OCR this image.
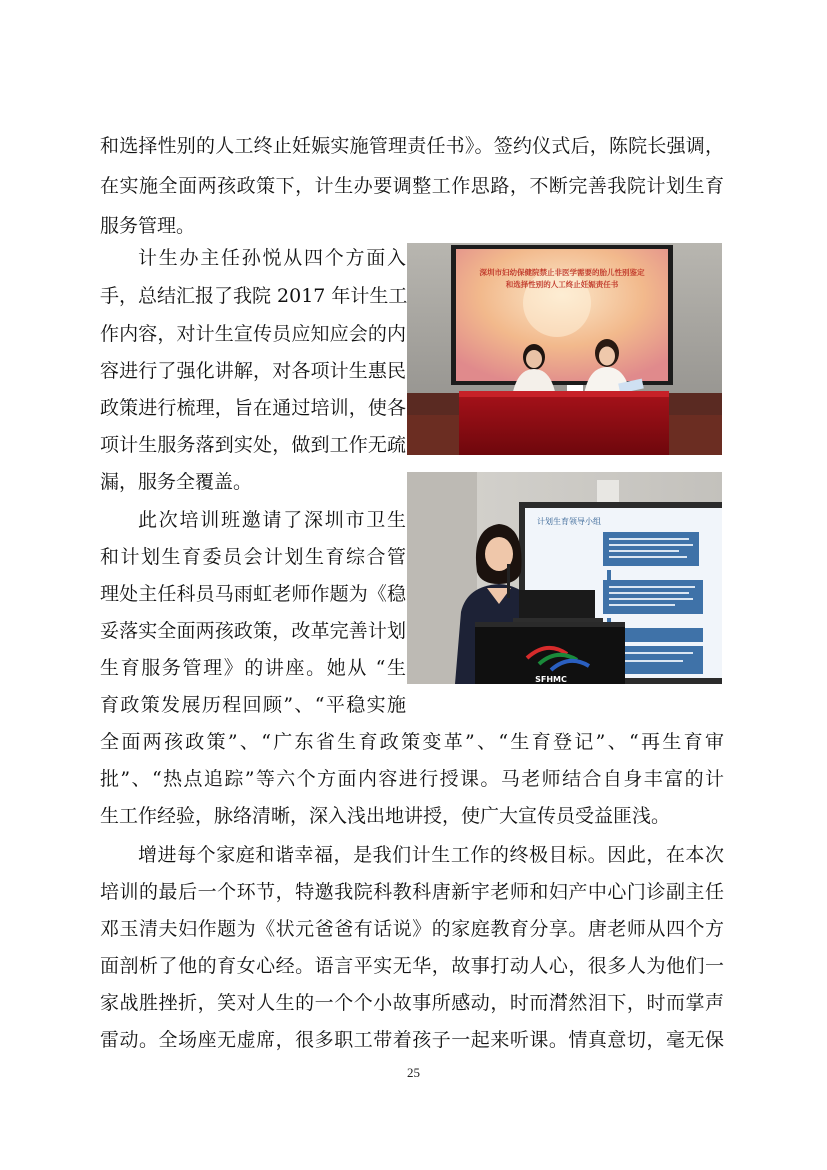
和选择性别的人工终止妊娠实施管理责任书》。签约仪式后，陈院长强调，
在实施全面两孩政策下，计生办要调整工作思路，不断完善我院计划生育
服务管理。
计生办主任孙悦从四个方面入
手，总结汇报了我院 2017 年计生工
作内容，对计生宣传员应知应会的内
容进行了强化讲解，对各项计生惠民
政策进行梳理，旨在通过培训，使各
项计生服务落到实处，做到工作无疏
漏，服务全覆盖。
此次培训班邀请了深圳市卫生
和计划生育委员会计划生育综合管
理处主任科员马雨虹老师作题为《稳
妥落实全面两孩政策，改革完善计划
生育服务管理》的讲座。她从 “生
育政策发展历程回顾”、“平稳实施
全面两孩政策”、“广东省生育政策变革”、“生育登记”、“再生育审
批”、“热点追踪”等六个方面内容进行授课。马老师结合自身丰富的计
生工作经验，脉络清晰，深入浅出地讲授，使广大宣传员受益匪浅。
增进每个家庭和谐幸福，是我们计生工作的终极目标。因此，在本次
培训的最后一个环节，特邀我院科教科唐新宇老师和妇产中心门诊副主任
邓玉清夫妇作题为《状元爸爸有话说》的家庭教育分享。唐老师从四个方
面剖析了他的育女心经。语言平实无华，故事打动人心，很多人为他们一
家战胜挫折，笑对人生的一个个小故事所感动，时而潸然泪下，时而掌声
雷动。全场座无虚席，很多职工带着孩子一起来听课。情真意切，毫无保
深圳市妇幼保健院禁止非医学需要的胎儿性别鉴定
和选择性别的人工终止妊娠责任书
计划生育领导小组
SFHMC
25
